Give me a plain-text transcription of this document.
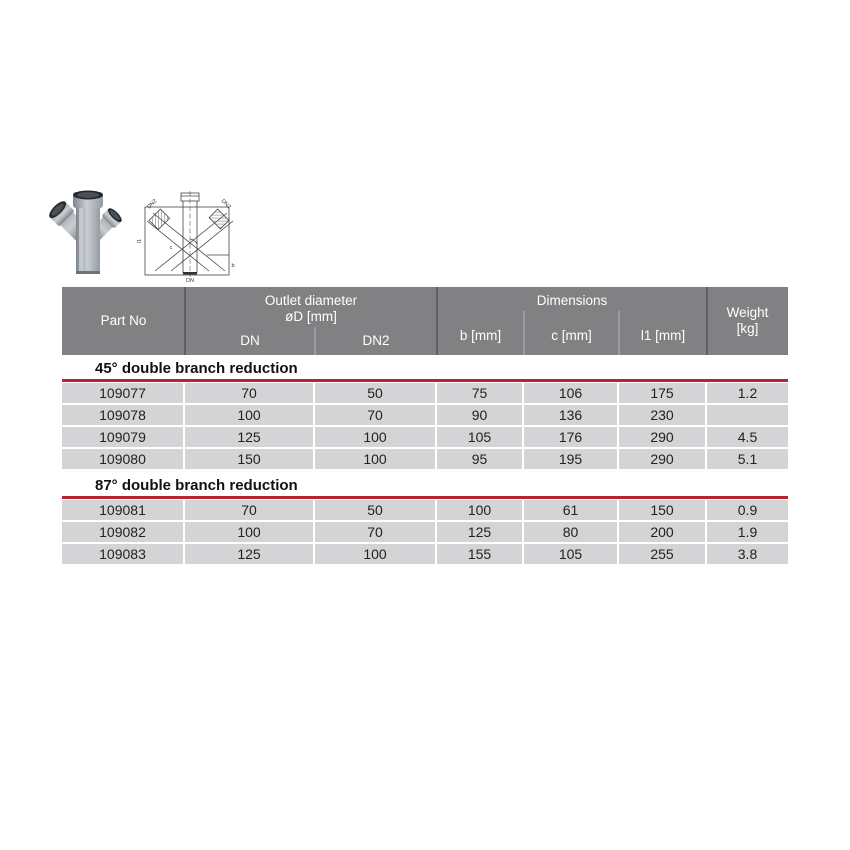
DN2	DN2
l1
DN
b
c
Part No
Outlet diameter
øD [mm]
DN	DN2
Dimensions
b [mm]	c [mm]	l1 [mm]
Weight
[kg]
45° double branch reduction
109077	70	50	75	106	175	1.2
109078	100	70	90	136	230
109079	125	100	105	176	290	4.5
109080	150	100	95	195	290	5.1
87° double branch reduction
109081	70	50	100	61	150	0.9
109082	100	70	125	80	200	1.9
109083	125	100	155	105	255	3.8
